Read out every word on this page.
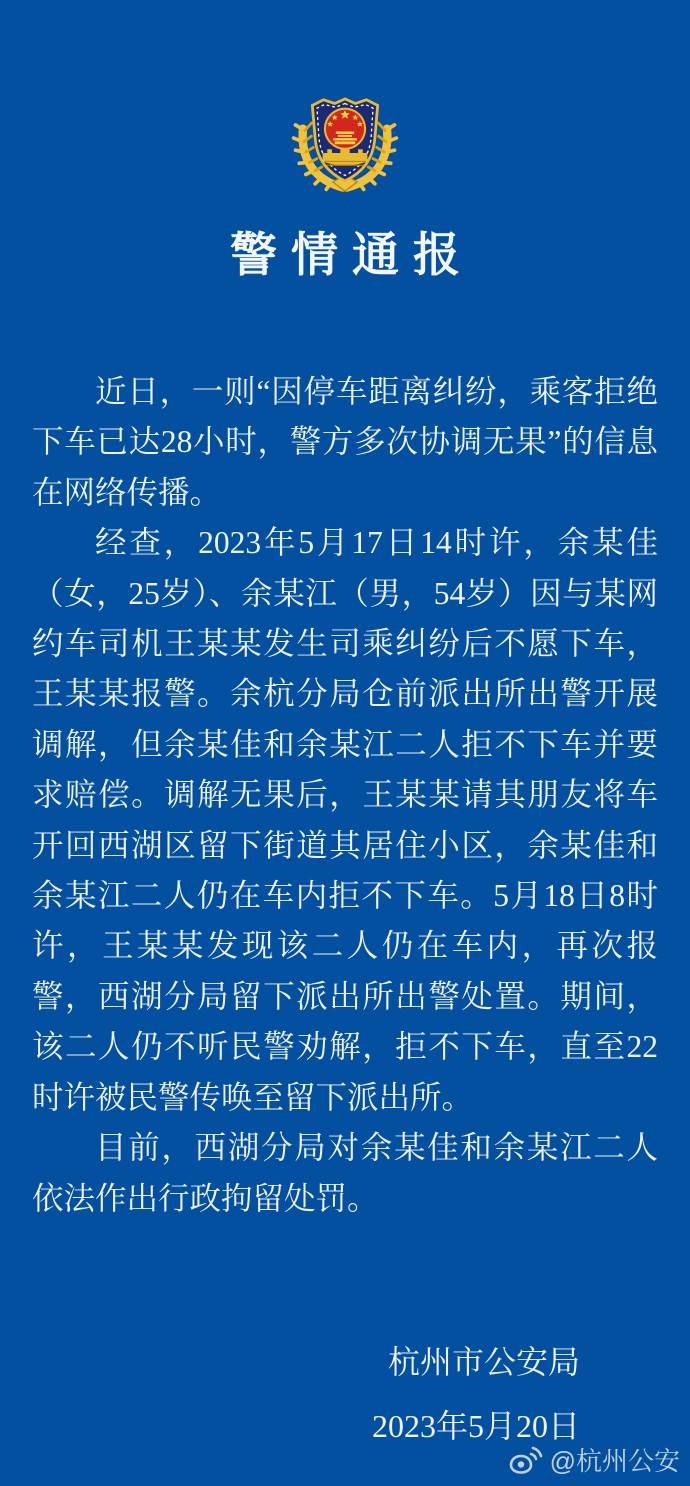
警情通报

近日，一则“因停车距离纠纷，乘客拒绝下车已达28小时，警方多次协调无果”的信息在网络传播。

经查，2023年5月17日14时许，余某佳（女，25岁）、余某江（男，54岁）因与某网约车司机王某某发生司乘纠纷后不愿下车，王某某报警。余杭分局仓前派出所出警开展调解，但余某佳和余某江二人拒不下车并要求赔偿。调解无果后，王某某请其朋友将车开回西湖区留下街道其居住小区，余某佳和余某江二人仍在车内拒不下车。5月18日8时许，王某某发现该二人仍在车内，再次报警，西湖分局留下派出所出警处置。期间，该二人仍不听民警劝解，拒不下车，直至22时许被民警传唤至留下派出所。

目前，西湖分局对余某佳和余某江二人依法作出行政拘留处罚。

杭州市公安局
2023年5月20日
@杭州公安
